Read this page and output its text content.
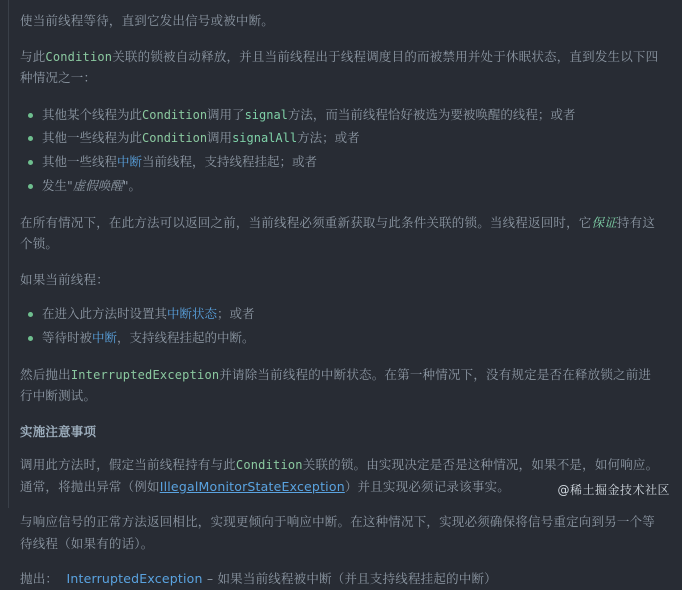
使当前线程等待，直到它发出信号或被中断。

与此Condition关联的锁被自动释放，并且当前线程出于线程调度目的而被禁用并处于休眠状态，直到发生以下四种情况之一：

其他某个线程为此Condition调用了signal方法，而当前线程恰好被选为要被唤醒的线程；或者
其他一些线程为此Condition调用signalAll方法；或者
其他一些线程中断当前线程，支持线程挂起；或者
发生"虚假唤醒"。

在所有情况下，在此方法可以返回之前，当前线程必须重新获取与此条件关联的锁。当线程返回时，它保证持有这个锁。

如果当前线程：

在进入此方法时设置其中断状态；或者
等待时被中断，支持线程挂起的中断。

然后抛出InterruptedException并请除当前线程的中断状态。在第一种情况下，没有规定是否在释放锁之前进行中断测试。

实施注意事项

调用此方法时，假定当前线程持有与此Condition关联的锁。由实现决定是否是这种情况，如果不是，如何响应。通常，将抛出异常（例如IllegalMonitorStateException）并且实现必须记录该事实。

与响应信号的正常方法返回相比，实现更倾向于响应中断。在这种情况下，实现必须确保将信号重定向到另一个等待线程（如果有的话）。

抛出： InterruptedException – 如果当前线程被中断（并且支持线程挂起的中断）

@稀土掘金技术社区
